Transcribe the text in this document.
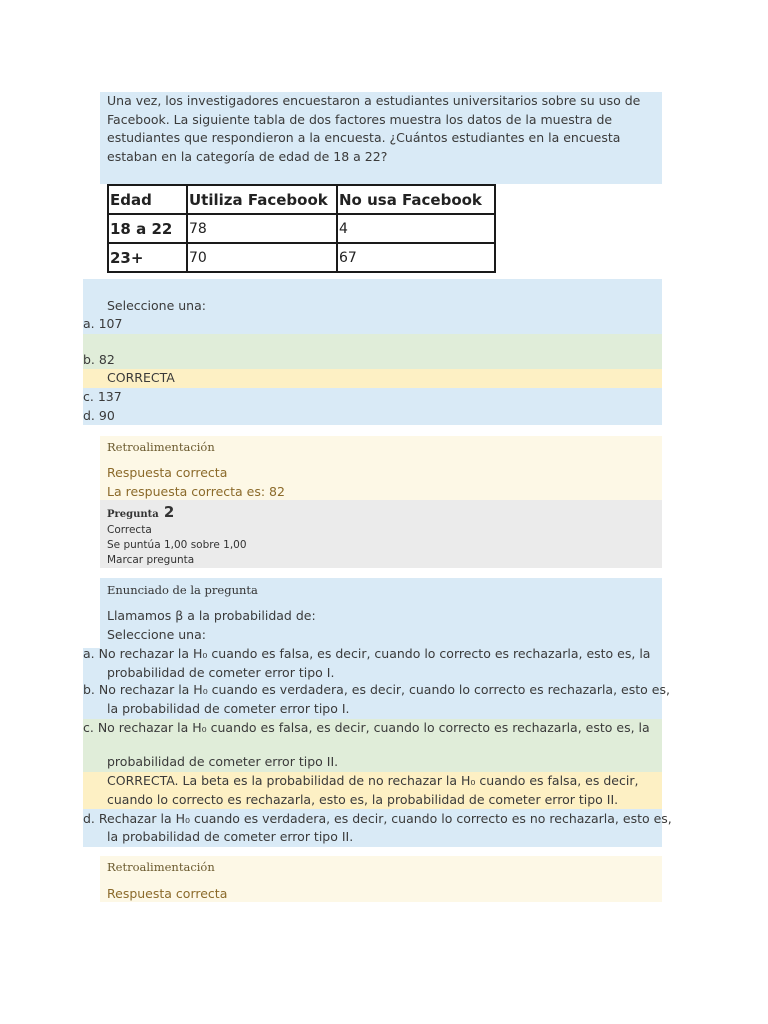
Una vez, los investigadores encuestaron a estudiantes universitarios sobre su uso de Facebook. La siguiente tabla de dos factores muestra los datos de la muestra de estudiantes que respondieron a la encuesta. ¿Cuántos estudiantes en la encuesta estaban en la categoría de edad de 18 a 22?
Edad	Utiliza Facebook	No usa Facebook
18 a 22	78	4
23+	70	67
Seleccione una:
a. 107
b. 82
CORRECTA
c. 137
d. 90
Retroalimentación
Respuesta correcta
La respuesta correcta es: 82
Pregunta 2
Correcta
Se puntúa 1,00 sobre 1,00
Marcar pregunta
Enunciado de la pregunta
Llamamos β a la probabilidad de:
Seleccione una:
a. No rechazar la H₀ cuando es falsa, es decir, cuando lo correcto es rechazarla, esto es, la
probabilidad de cometer error tipo I.
b. No rechazar la H₀ cuando es verdadera, es decir, cuando lo correcto es rechazarla, esto es,
la probabilidad de cometer error tipo I.
c. No rechazar la H₀ cuando es falsa, es decir, cuando lo correcto es rechazarla, esto es, la
probabilidad de cometer error tipo II.
CORRECTA. La beta es la probabilidad de no rechazar la H₀ cuando es falsa, es decir,
cuando lo correcto es rechazarla, esto es, la probabilidad de cometer error tipo II.
d. Rechazar la H₀ cuando es verdadera, es decir, cuando lo correcto es no rechazarla, esto es,
la probabilidad de cometer error tipo II.
Retroalimentación
Respuesta correcta
